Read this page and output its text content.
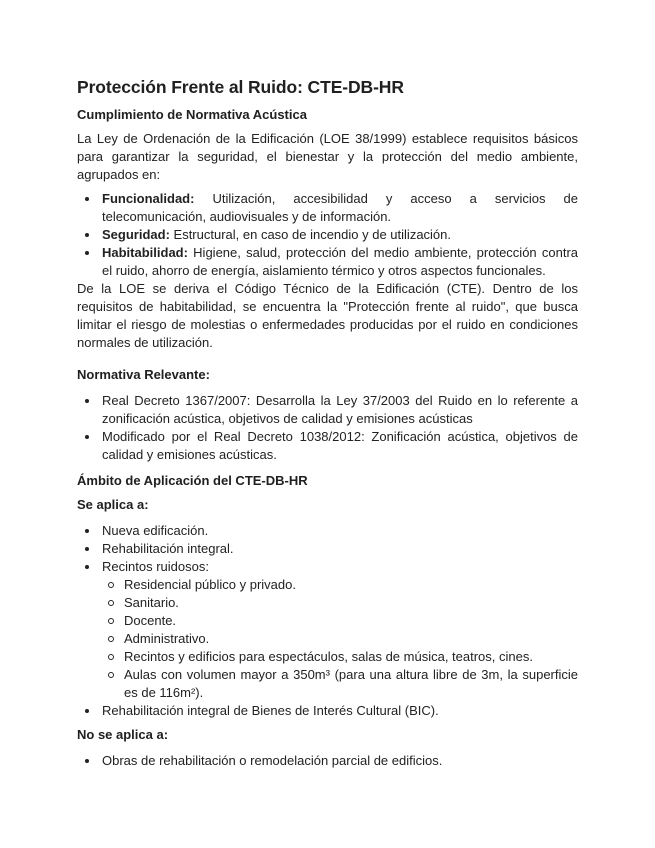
Protección Frente al Ruido: CTE-DB-HR
Cumplimiento de Normativa Acústica

La Ley de Ordenación de la Edificación (LOE 38/1999) establece requisitos básicos para garantizar la seguridad, el bienestar y la protección del medio ambiente, agrupados en:

Funcionalidad: Utilización, accesibilidad y acceso a servicios de telecomunicación, audiovisuales y de información.
Seguridad: Estructural, en caso de incendio y de utilización.
Habitabilidad: Higiene, salud, protección del medio ambiente, protección contra el ruido, ahorro de energía, aislamiento térmico y otros aspectos funcionales.

De la LOE se deriva el Código Técnico de la Edificación (CTE). Dentro de los requisitos de habitabilidad, se encuentra la "Protección frente al ruido", que busca limitar el riesgo de molestias o enfermedades producidas por el ruido en condiciones normales de utilización.

Normativa Relevante:
Real Decreto 1367/2007: Desarrolla la Ley 37/2003 del Ruido en lo referente a zonificación acústica, objetivos de calidad y emisiones acústicas
Modificado por el Real Decreto 1038/2012: Zonificación acústica, objetivos de calidad y emisiones acústicas.
Ámbito de Aplicación del CTE-DB-HR
Se aplica a:
Nueva edificación.
Rehabilitación integral.
Recintos ruidosos:
Residencial público y privado.
Sanitario.
Docente.
Administrativo.
Recintos y edificios para espectáculos, salas de música, teatros, cines.
Aulas con volumen mayor a 350m³ (para una altura libre de 3m, la superficie es de 116m²).
Rehabilitación integral de Bienes de Interés Cultural (BIC).
No se aplica a:
Obras de rehabilitación o remodelación parcial de edificios.
